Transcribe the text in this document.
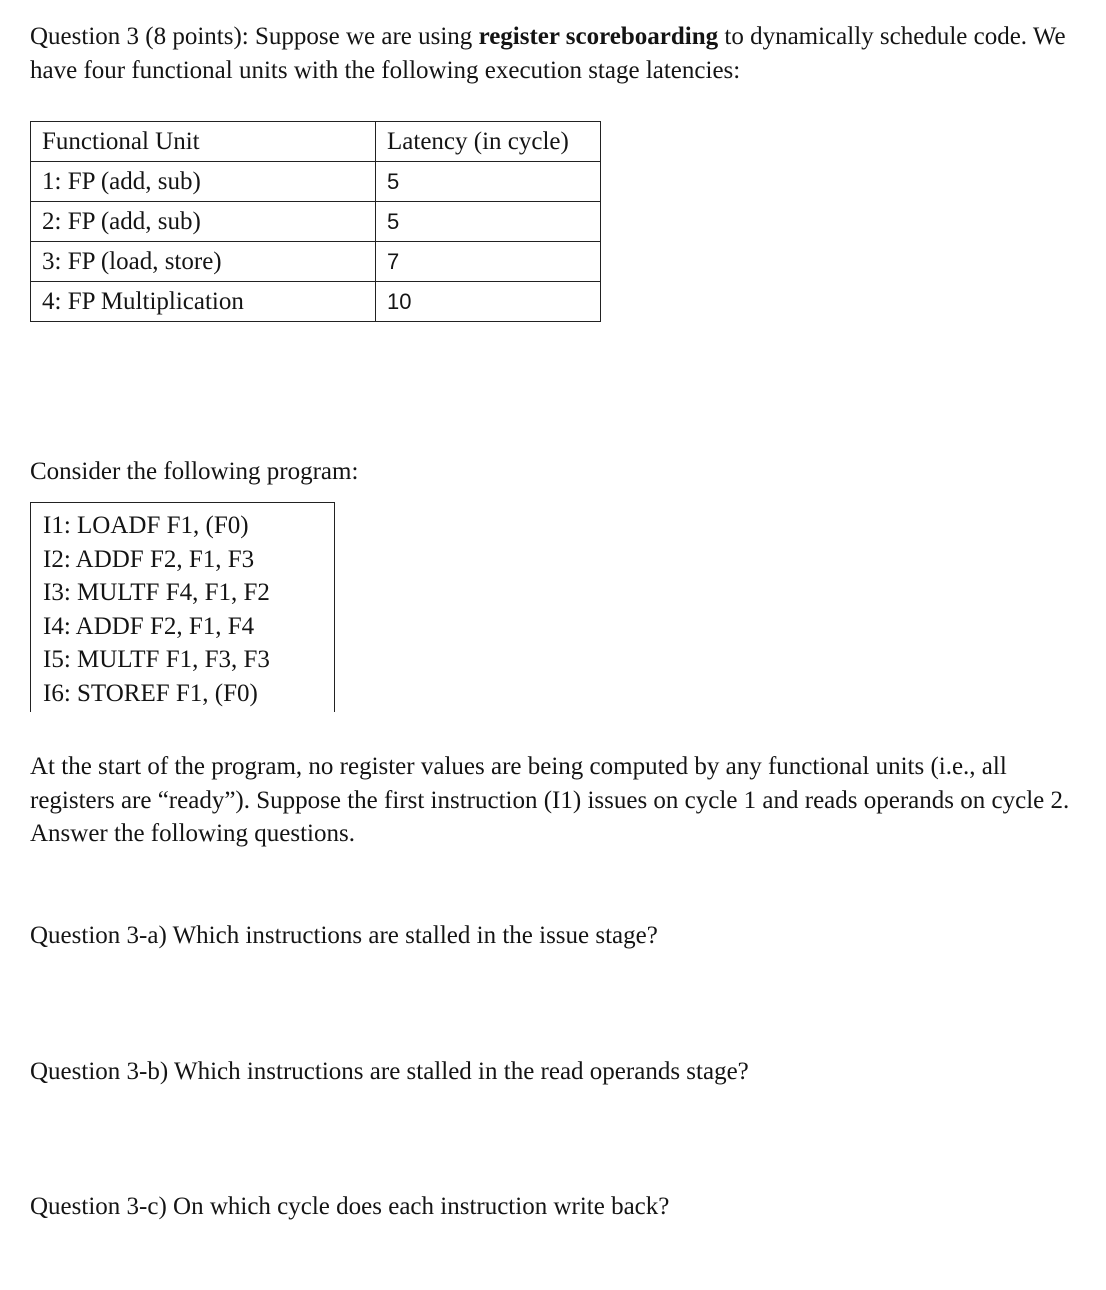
Question 3 (8 points): Suppose we are using register scoreboarding to dynamically schedule code. We have four functional units with the following execution stage latencies:

Functional Unit	Latency (in cycle)
1: FP (add, sub)	5
2: FP (add, sub)	5
3: FP (load, store)	7
4: FP Multiplication	10

Consider the following program:

I1: LOADF F1, (F0)
I2: ADDF F2, F1, F3
I3: MULTF F4, F1, F2
I4: ADDF F2, F1, F4
I5: MULTF F1, F3, F3
I6: STOREF F1, (F0)

At the start of the program, no register values are being computed by any functional units (i.e., all registers are “ready”). Suppose the first instruction (I1) issues on cycle 1 and reads operands on cycle 2. Answer the following questions.

Question 3-a) Which instructions are stalled in the issue stage?

Question 3-b) Which instructions are stalled in the read operands stage?

Question 3-c) On which cycle does each instruction write back?
